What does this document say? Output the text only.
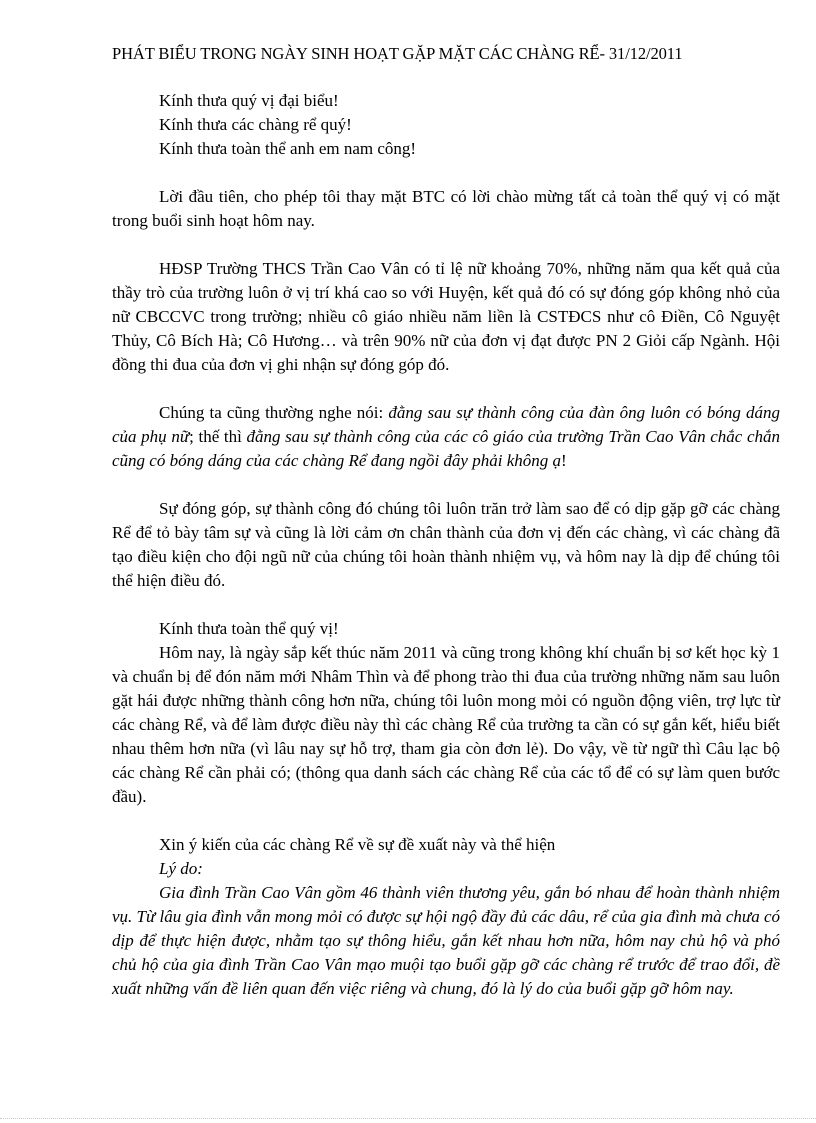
PHÁT BIỂU TRONG NGÀY SINH HOẠT GẶP MẶT CÁC CHÀNG RỂ- 31/12/2011

Kính thưa quý vị đại biểu!

Kính thưa các chàng rể quý!

Kính thưa toàn thể anh em nam công!

Lời đầu tiên, cho phép tôi thay mặt BTC có lời chào mừng tất cả toàn thể quý vị có mặt trong buổi sinh hoạt hôm nay.

HĐSP Trường THCS Trần Cao Vân có tỉ lệ nữ khoảng 70%, những năm qua kết quả của thầy trò của trường luôn ở vị trí khá cao so với Huyện, kết quả đó có sự đóng góp không nhỏ của nữ CBCCVC trong trường; nhiều cô giáo nhiều năm liền là CSTĐCS như cô Điền, Cô Nguyệt Thủy, Cô Bích Hà; Cô Hương… và trên 90% nữ của đơn vị đạt được PN 2 Giỏi cấp Ngành. Hội đồng thi đua của đơn vị ghi nhận sự đóng góp đó.

Chúng ta cũng thường nghe nói: đằng sau sự thành công của đàn ông luôn có bóng dáng của phụ nữ; thế thì đằng sau sự thành công của các cô giáo của trường Trần Cao Vân chắc chắn cũng có bóng dáng của các chàng Rể đang ngồi đây phải không ạ!

Sự đóng góp, sự thành công đó chúng tôi luôn trăn trở làm sao để có dịp gặp gỡ các chàng Rể để tỏ bày tâm sự và cũng là lời cảm ơn chân thành của đơn vị đến các chàng, vì các chàng đã tạo điều kiện cho đội ngũ nữ của chúng tôi hoàn thành nhiệm vụ, và hôm nay là dịp để chúng tôi thể hiện điều đó.

Kính thưa toàn thể quý vị!

Hôm nay, là ngày sắp kết thúc năm 2011 và cũng trong không khí chuẩn bị sơ kết học kỳ 1 và chuẩn bị để đón năm mới Nhâm Thìn và để phong trào thi đua của trường những năm sau luôn gặt hái được những thành công hơn nữa, chúng tôi luôn mong mỏi có nguồn động viên, trợ lực từ các chàng Rể, và để làm được điều này thì các chàng Rể của trường ta cần có sự gắn kết, hiểu biết nhau thêm hơn nữa (vì lâu nay sự hỗ trợ, tham gia còn đơn lẻ). Do vậy, về từ ngữ thì Câu lạc bộ các chàng Rể cần phải có; (thông qua danh sách các chàng Rể của các tổ để có sự làm quen bước đầu).

Xin ý kiến của các chàng Rể về sự đề xuất này và thể hiện

Lý do:

Gia đình Trần Cao Vân gồm 46 thành viên thương yêu, gắn bó nhau để hoàn thành nhiệm vụ. Từ lâu gia đình vẫn mong mỏi có được sự hội ngộ đầy đủ các dâu, rể của gia đình mà chưa có dịp để thực hiện được, nhằm tạo sự thông hiểu, gắn kết nhau hơn nữa, hôm nay chủ hộ và phó chủ hộ của gia đình Trần Cao Vân mạo muội tạo buổi gặp gỡ các chàng rể trước để trao đổi, đề xuất những vấn đề liên quan đến việc riêng và chung, đó là lý do của buổi gặp gỡ hôm nay.
